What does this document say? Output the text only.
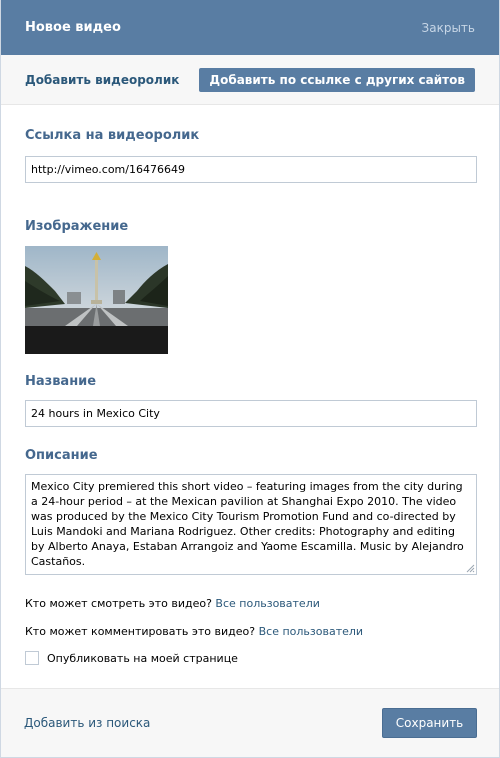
Новое видео	Закрыть
Добавить видеоролик	Добавить по ссылке с других сайтов
Ссылка на видеоролик
http://vimeo.com/16476649
Изображение
Название
24 hours in Mexico City
Описание
Mexico City premiered this short video – featuring images from the city during a 24-hour period – at the Mexican pavilion at Shanghai Expo 2010. The video was produced by the Mexico City Tourism Promotion Fund and co-directed by Luis Mandoki and Mariana Rodriguez. Other credits: Photography and editing by Alberto Anaya, Estaban Arrangoiz and Yaome Escamilla. Music by Alejandro Castaños.
Кто может смотреть это видео? Все пользователи
Кто может комментировать это видео? Все пользователи
Опубликовать на моей странице
Добавить из поиска	Сохранить
